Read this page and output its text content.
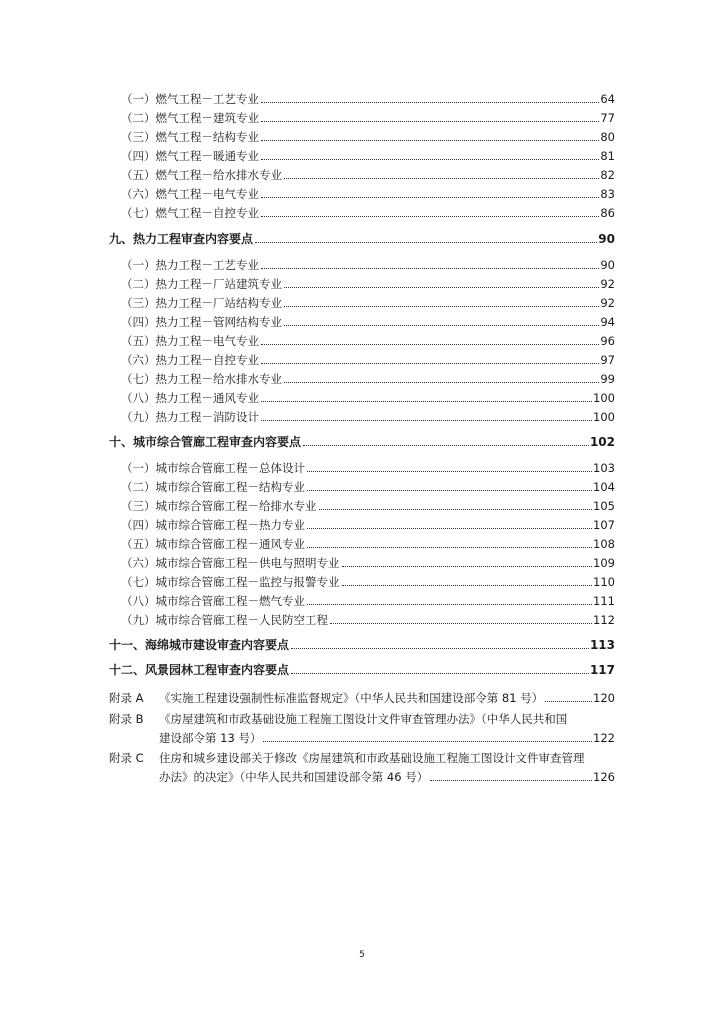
（一）燃气工程－工艺专业	64
（二）燃气工程－建筑专业	77
（三）燃气工程－结构专业	80
（四）燃气工程－暖通专业	81
（五）燃气工程－给水排水专业	82
（六）燃气工程－电气专业	83
（七）燃气工程－自控专业	86
九、热力工程审查内容要点	90
（一）热力工程－工艺专业	90
（二）热力工程－厂站建筑专业	92
（三）热力工程－厂站结构专业	92
（四）热力工程－管网结构专业	94
（五）热力工程－电气专业	96
（六）热力工程－自控专业	97
（七）热力工程－给水排水专业	99
（八）热力工程－通风专业	100
（九）热力工程－消防设计	100
十、城市综合管廊工程审查内容要点	102
（一）城市综合管廊工程－总体设计	103
（二）城市综合管廊工程－结构专业	104
（三）城市综合管廊工程－给排水专业	105
（四）城市综合管廊工程－热力专业	107
（五）城市综合管廊工程－通风专业	108
（六）城市综合管廊工程－供电与照明专业	109
（七）城市综合管廊工程－监控与报警专业	110
（八）城市综合管廊工程－燃气专业	111
（九）城市综合管廊工程－人民防空工程	112
十一、海绵城市建设审查内容要点	113
十二、风景园林工程审查内容要点	117
附录 A 《实施工程建设强制性标准监督规定》（中华人民共和国建设部令第 81 号）	120
附录 B 《房屋建筑和市政基础设施工程施工图设计文件审查管理办法》（中华人民共和国
建设部令第 13 号）	122
附录 C 住房和城乡建设部关于修改《房屋建筑和市政基础设施工程施工图设计文件审查管理
办法》的决定》（中华人民共和国建设部令第 46 号）	126
5
